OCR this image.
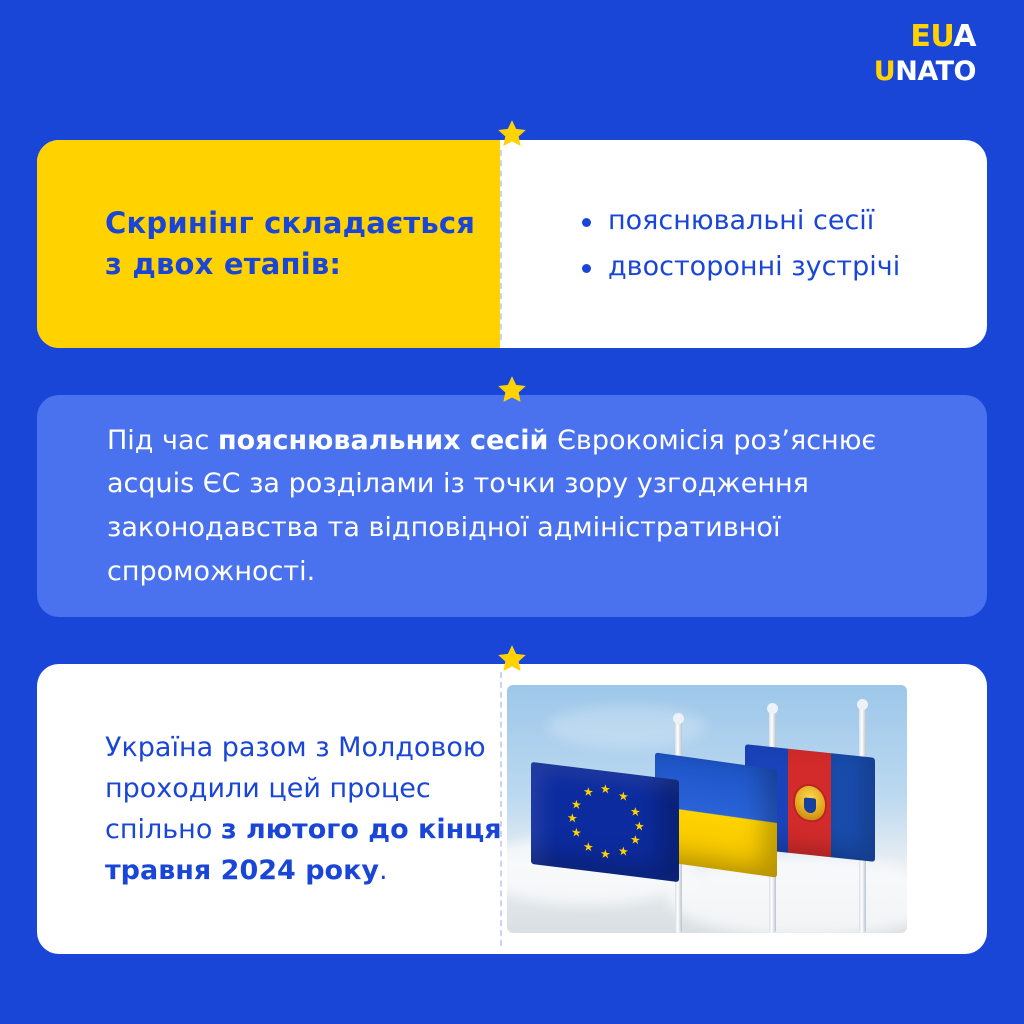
EUA
UNATO
Скринінг складається з двох етапів:
пояснювальні сесії
двосторонні зустрічі
Під час пояснювальних сесій Єврокомісія роз’яснює acquis ЄС за розділами із точки зору узгодження законодавства та відповідної адміністративної спроможності.
Україна разом з Молдовою проходили цей процес спільно з лютого до кінця травня 2024 року.
★ ★
★
★
★
★
★
★
★
★
★
★
